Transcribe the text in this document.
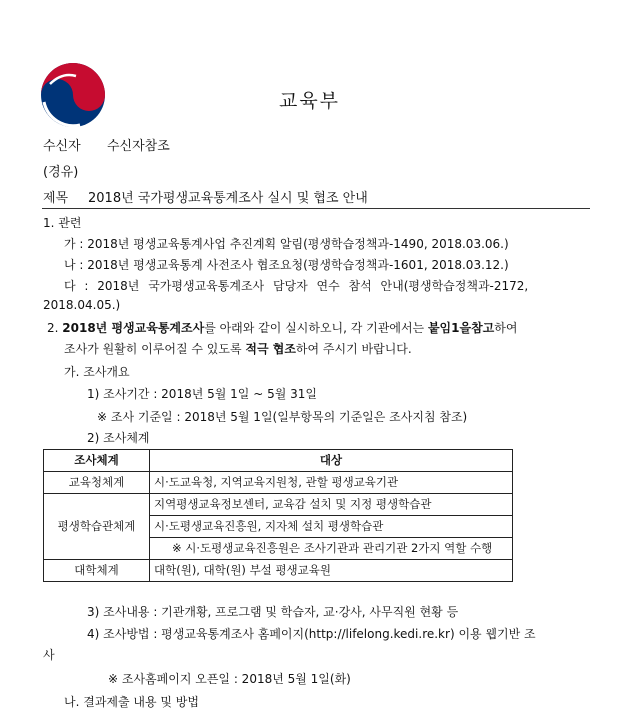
교육부
수신자 수신자참조
(경유)
제목 2018년 국가평생교육통계조사 실시 및 협조 안내
1. 관련
가 : 2018년 평생교육통계사업 추진계획 알림(평생학습정책과-1490, 2018.03.06.)
나 : 2018년 평생교육통계 사전조사 협조요청(평생학습정책과-1601, 2018.03.12.)
다 : 2018년 국가평생교육통계조사 담당자 연수 참석 안내(평생학습정책과-2172,
2018.04.05.)
2. 2018년 평생교육통계조사를 아래와 같이 실시하오니, 각 기관에서는 붙임1을참고하여
조사가 원활히 이루어질 수 있도록 적극 협조하여 주시기 바랍니다.
가. 조사개요
1) 조사기간 : 2018년 5월 1일 ~ 5월 31일
※ 조사 기준일 : 2018년 5월 1일(일부항목의 기준일은 조사지침 참조)
2) 조사체계
조사체계	대상
교육청체계	시·도교육청, 지역교육지원청, 관할 평생교육기관
평생학습관체계	지역평생교육정보센터, 교육감 설치 및 지정 평생학습관
	시·도평생교육진흥원, 지자체 설치 평생학습관
	※ 시·도평생교육진흥원은 조사기관과 관리기관 2가지 역할 수행
대학체계	대학(원), 대학(원) 부설 평생교육원
3) 조사내용 : 기관개황, 프로그램 및 학습자, 교·강사, 사무직원 현황 등
4) 조사방법 : 평생교육통계조사 홈페이지(http://lifelong.kedi.re.kr) 이용 웹기반 조
사
※ 조사홈페이지 오픈일 : 2018년 5월 1일(화)
나. 결과제출 내용 및 방법
